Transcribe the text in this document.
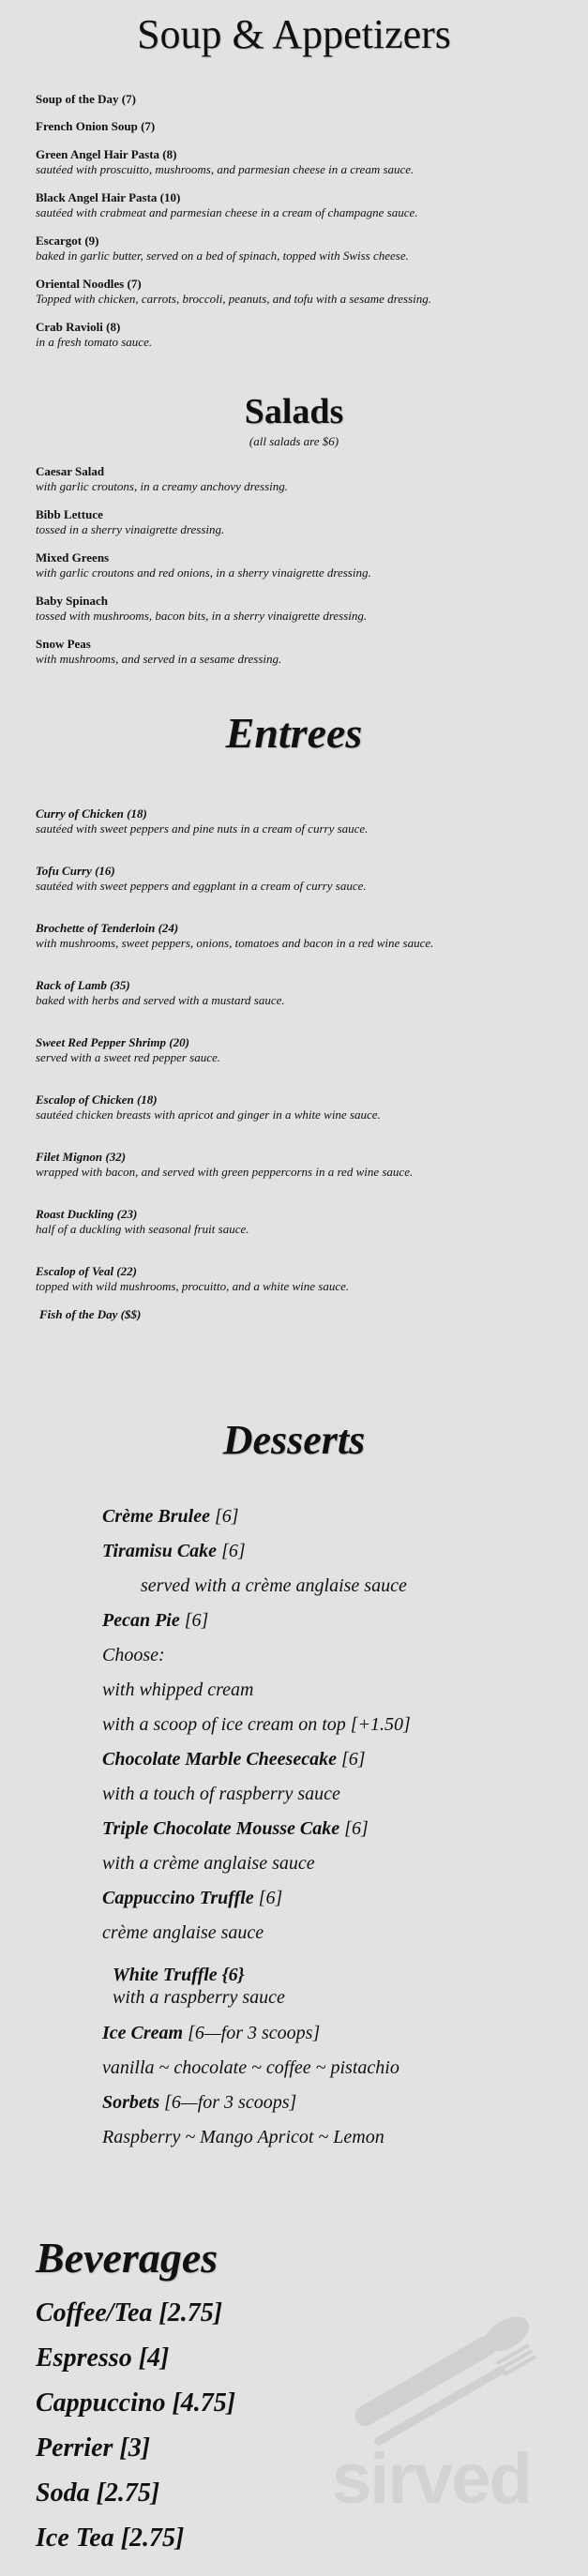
Soup & Appetizers
Soup of the Day (7)
French Onion Soup (7)
Green Angel Hair Pasta (8)
sautéed with proscuitto, mushrooms, and parmesian cheese in a cream sauce.
Black Angel Hair Pasta (10)
sautéed with crabmeat and parmesian cheese in a cream of champagne sauce.
Escargot (9)
baked in garlic butter, served on a bed of spinach, topped with Swiss cheese.
Oriental Noodles (7)
Topped with chicken, carrots, broccoli, peanuts, and tofu with a sesame dressing.
Crab Ravioli (8)
in a fresh tomato sauce.
Salads
(all salads are $6)
Caesar Salad
with garlic croutons, in a creamy anchovy dressing.
Bibb Lettuce
tossed in a sherry vinaigrette dressing.
Mixed Greens
with garlic croutons and red onions, in a sherry vinaigrette dressing.
Baby Spinach
tossed with mushrooms, bacon bits, in a sherry vinaigrette dressing.
Snow Peas
with mushrooms, and served in a sesame dressing.
Entrees
Curry of Chicken (18)
sautéed with sweet peppers and pine nuts in a cream of curry sauce.
Tofu Curry (16)
sautéed with sweet peppers and eggplant in a cream of curry sauce.
Brochette of Tenderloin (24)
with mushrooms, sweet peppers, onions, tomatoes and bacon in a red wine sauce.
Rack of Lamb (35)
baked with herbs and served with a mustard sauce.
Sweet Red Pepper Shrimp (20)
served with a sweet red pepper sauce.
Escalop of Chicken (18)
sautéed chicken breasts with apricot and ginger in a white wine sauce.
Filet Mignon (32)
wrapped with bacon, and served with green peppercorns in a red wine sauce.
Roast Duckling (23)
half of a duckling with seasonal fruit sauce.
Escalop of Veal (22)
topped with wild mushrooms, procuitto, and a white wine sauce.
Fish of the Day ($$)
Desserts
Crème Brulee [6]
Tiramisu Cake [6]
served with a crème anglaise sauce
Pecan Pie [6]
Choose:
with whipped cream
with a scoop of ice cream on top [+1.50]
Chocolate Marble Cheesecake [6]
with a touch of raspberry sauce
Triple Chocolate Mousse Cake [6]
with a crème anglaise sauce
Cappuccino Truffle [6]
crème anglaise sauce
White Truffle {6}
with a raspberry sauce
Ice Cream [6—for 3 scoops]
vanilla ~ chocolate ~ coffee ~ pistachio
Sorbets [6—for 3 scoops]
Raspberry ~ Mango Apricot ~ Lemon
Beverages
Coffee/Tea [2.75]
Espresso [4]
Cappuccino [4.75]
Perrier [3]
Soda [2.75]
Ice Tea [2.75]
sirved
